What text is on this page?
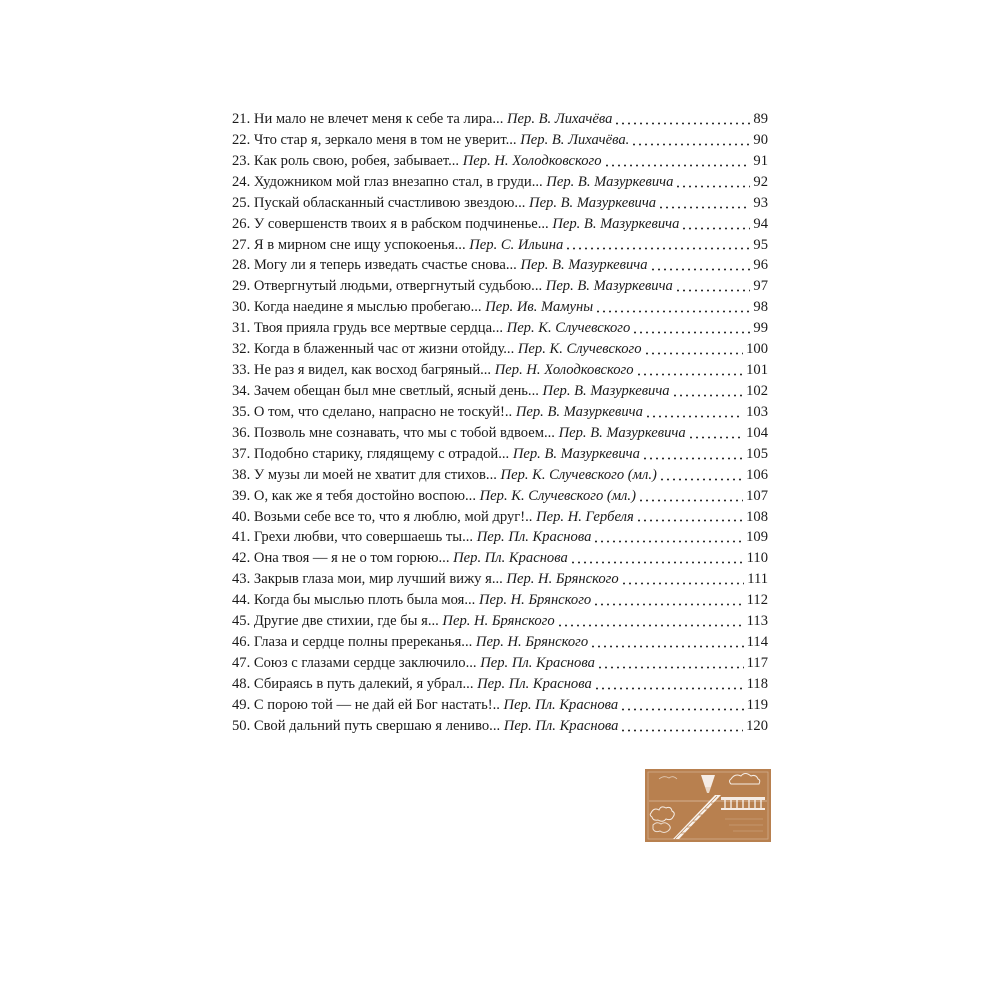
21. Ни мало не влечет меня к себе та лира... Пер. В. Лихачёва	89
22. Что стар я, зеркало меня в том не уверит... Пер. В. Лихачёва.	90
23. Как роль свою, робея, забывает... Пер. Н. Холодковского	91
24. Художником мой глаз внезапно стал, в груди... Пер. В. Мазуркевича	92
25. Пускай обласканный счастливою звездою... Пер. В. Мазуркевича	93
26. У совершенств твоих я в рабском подчиненье... Пер. В. Мазуркевича	94
27. Я в мирном сне ищу успокоенья... Пер. С. Ильина	95
28. Могу ли я теперь изведать счастье снова... Пер. В. Мазуркевича	96
29. Отвергнутый людьми, отвергнутый судьбою... Пер. В. Мазуркевича	97
30. Когда наедине я мыслью пробегаю... Пер. Ив. Мамуны	98
31. Твоя прияла грудь все мертвые сердца... Пер. К. Случевского	99
32. Когда в блаженный час от жизни отойду... Пер. К. Случевского	100
33. Не раз я видел, как восход багряный... Пер. Н. Холодковского	101
34. Зачем обещан был мне светлый, ясный день... Пер. В. Мазуркевича	102
35. О том, что сделано, напрасно не тоскуй!.. Пер. В. Мазуркевича	103
36. Позволь мне сознавать, что мы с тобой вдвоем... Пер. В. Мазуркевича	104
37. Подобно старику, глядящему с отрадой... Пер. В. Мазуркевича	105
38. У музы ли моей не хватит для стихов... Пер. К. Случевского (мл.)	106
39. О, как же я тебя достойно воспою... Пер. К. Случевского (мл.)	107
40. Возьми себе все то, что я люблю, мой друг!.. Пер. Н. Гербеля	108
41. Грехи любви, что совершаешь ты... Пер. Пл. Краснова	109
42. Она твоя — я не о том горюю... Пер. Пл. Краснова	110
43. Закрыв глаза мои, мир лучший вижу я... Пер. Н. Брянского	111
44. Когда бы мыслью плоть была моя... Пер. Н. Брянского	112
45. Другие две стихии, где бы я... Пер. Н. Брянского	113
46. Глаза и сердце полны пререканья... Пер. Н. Брянского	114
47. Союз с глазами сердце заключило... Пер. Пл. Краснова	117
48. Сбираясь в путь далекий, я убрал... Пер. Пл. Краснова	118
49. С порою той — не дай ей Бог настать!.. Пер. Пл. Краснова	119
50. Свой дальний путь свершаю я лениво... Пер. Пл. Краснова	120
